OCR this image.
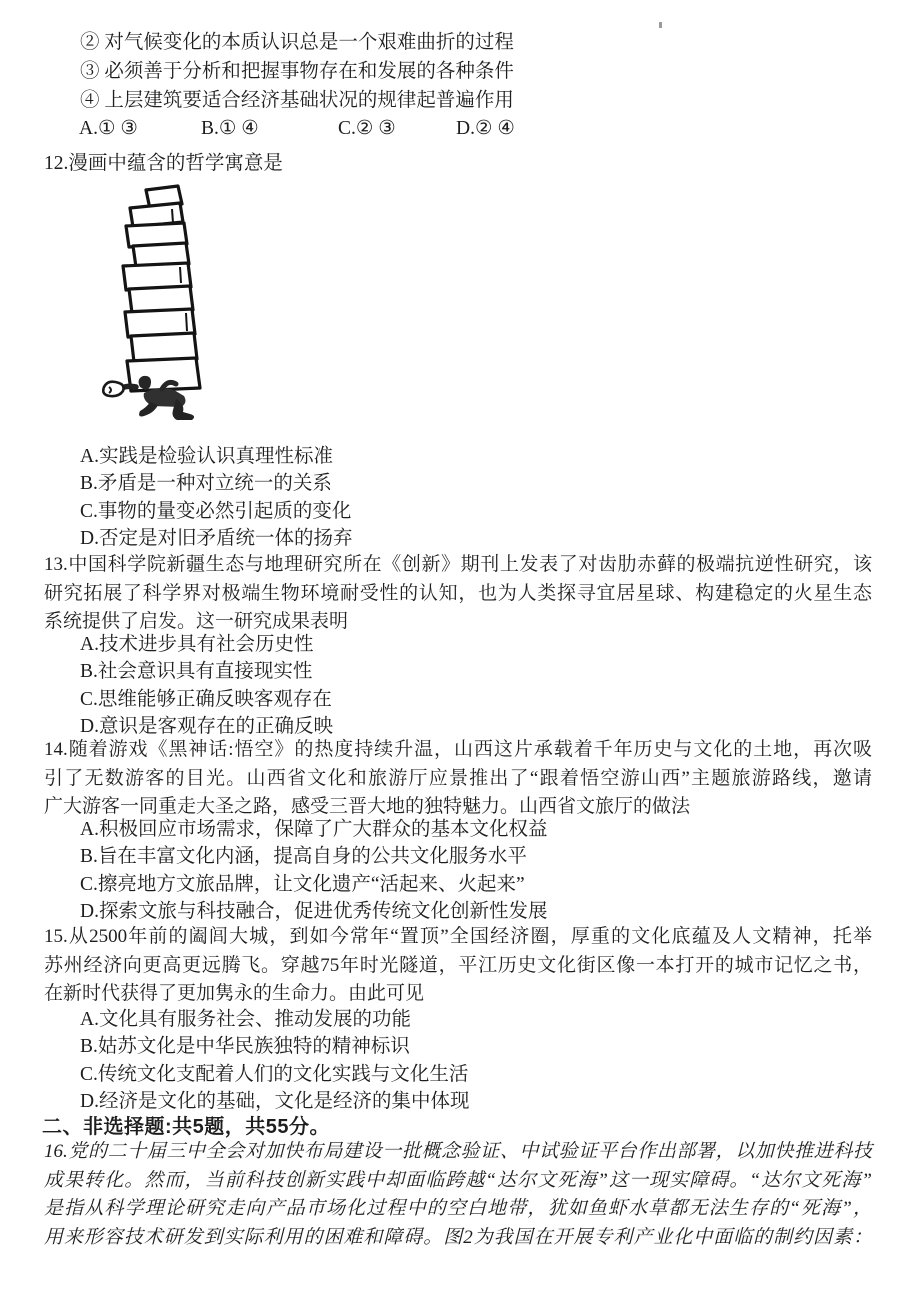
② 对气候变化的本质认识总是一个艰难曲折的过程
③ 必须善于分析和把握事物存在和发展的各种条件
④ 上层建筑要适合经济基础状况的规律起普遍作用
A.① ③	B.① ④	C.② ③	D.② ④
12.漫画中蕴含的哲学寓意是
A.实践是检验认识真理性标准
B.矛盾是一种对立统一的关系
C.事物的量变必然引起质的变化
D.否定是对旧矛盾统一体的扬弃
13.中国科学院新疆生态与地理研究所在《创新》期刊上发表了对齿肋赤藓的极端抗逆性研究，该
研究拓展了科学界对极端生物环境耐受性的认知，也为人类探寻宜居星球、构建稳定的火星生态
系统提供了启发。这一研究成果表明
A.技术进步具有社会历史性
B.社会意识具有直接现实性
C.思维能够正确反映客观存在
D.意识是客观存在的正确反映
14.随着游戏《黑神话:悟空》的热度持续升温，山西这片承载着千年历史与文化的土地，再次吸
引了无数游客的目光。山西省文化和旅游厅应景推出了“跟着悟空游山西”主题旅游路线，邀请
广大游客一同重走大圣之路，感受三晋大地的独特魅力。山西省文旅厅的做法
A.积极回应市场需求，保障了广大群众的基本文化权益
B.旨在丰富文化内涵，提高自身的公共文化服务水平
C.擦亮地方文旅品牌，让文化遗产“活起来、火起来”
D.探索文旅与科技融合，促进优秀传统文化创新性发展
15.从2500年前的阖闾大城，到如今常年“置顶”全国经济圈，厚重的文化底蕴及人文精神，托举
苏州经济向更高更远腾飞。穿越75年时光隧道，平江历史文化街区像一本打开的城市记忆之书，
在新时代获得了更加隽永的生命力。由此可见
A.文化具有服务社会、推动发展的功能
B.姑苏文化是中华民族独特的精神标识
C.传统文化支配着人们的文化实践与文化生活
D.经济是文化的基础，文化是经济的集中体现
二、非选择题:共5题，共55分。
16.党的二十届三中全会对加快布局建设一批概念验证、中试验证平台作出部署，以加快推进科技
成果转化。然而，当前科技创新实践中却面临跨越“达尔文死海”这一现实障碍。“达尔文死海”
是指从科学理论研究走向产品市场化过程中的空白地带，犹如鱼虾水草都无法生存的“死海”，
用来形容技术研发到实际利用的困难和障碍。图2为我国在开展专利产业化中面临的制约因素：
